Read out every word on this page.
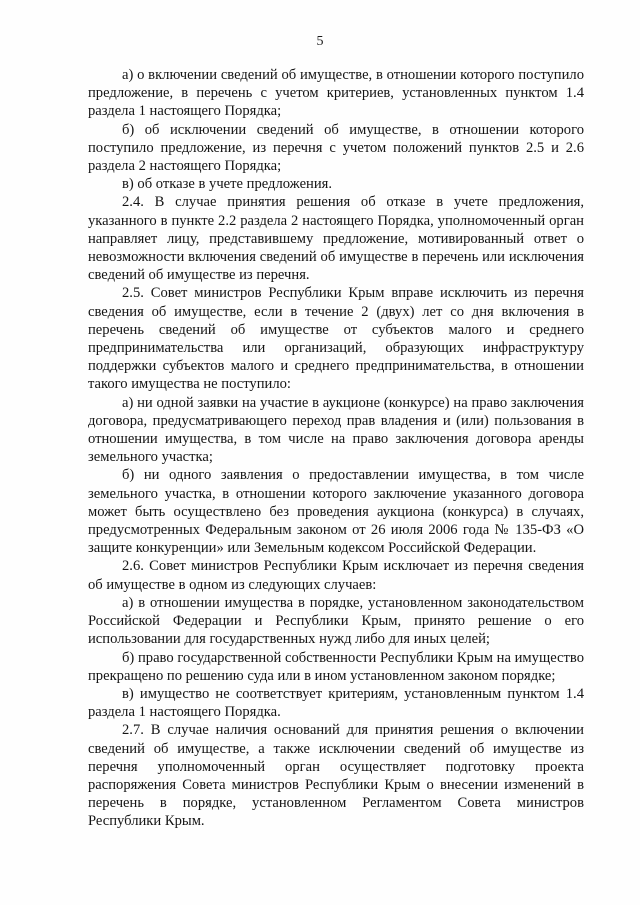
5

а) о включении сведений об имуществе, в отношении которого поступило предложение, в перечень с учетом критериев, установленных пунктом 1.4 раздела 1 настоящего Порядка;

б) об исключении сведений об имуществе, в отношении которого поступило предложение, из перечня с учетом положений пунктов 2.5 и 2.6 раздела 2 настоящего Порядка;

в) об отказе в учете предложения.

2.4. В случае принятия решения об отказе в учете предложения, указанного в пункте 2.2 раздела 2 настоящего Порядка, уполномоченный орган направляет лицу, представившему предложение, мотивированный ответ о невозможности включения сведений об имуществе в перечень или исключения сведений об имуществе из перечня.

2.5. Совет министров Республики Крым вправе исключить из перечня сведения об имуществе, если в течение 2 (двух) лет со дня включения в перечень сведений об имуществе от субъектов малого и среднего предпринимательства или организаций, образующих инфраструктуру поддержки субъектов малого и среднего предпринимательства, в отношении такого имущества не поступило:

а) ни одной заявки на участие в аукционе (конкурсе) на право заключения договора, предусматривающего переход прав владения и (или) пользования в отношении имущества, в том числе на право заключения договора аренды земельного участка;

б) ни одного заявления о предоставлении имущества, в том числе земельного участка, в отношении которого заключение указанного договора может быть осуществлено без проведения аукциона (конкурса) в случаях, предусмотренных Федеральным законом от 26 июля 2006 года № 135-ФЗ «О защите конкуренции» или Земельным кодексом Российской Федерации.

2.6. Совет министров Республики Крым исключает из перечня сведения об имуществе в одном из следующих случаев:

а) в отношении имущества в порядке, установленном законодательством Российской Федерации и Республики Крым, принято решение о его использовании для государственных нужд либо для иных целей;

б) право государственной собственности Республики Крым на имущество прекращено по решению суда или в ином установленном законом порядке;

в) имущество не соответствует критериям, установленным пунктом 1.4 раздела 1 настоящего Порядка.

2.7. В случае наличия оснований для принятия решения о включении сведений об имуществе, а также исключении сведений об имуществе из перечня уполномоченный орган осуществляет подготовку проекта распоряжения Совета министров Республики Крым о внесении изменений в перечень в порядке, установленном Регламентом Совета министров Республики Крым.
